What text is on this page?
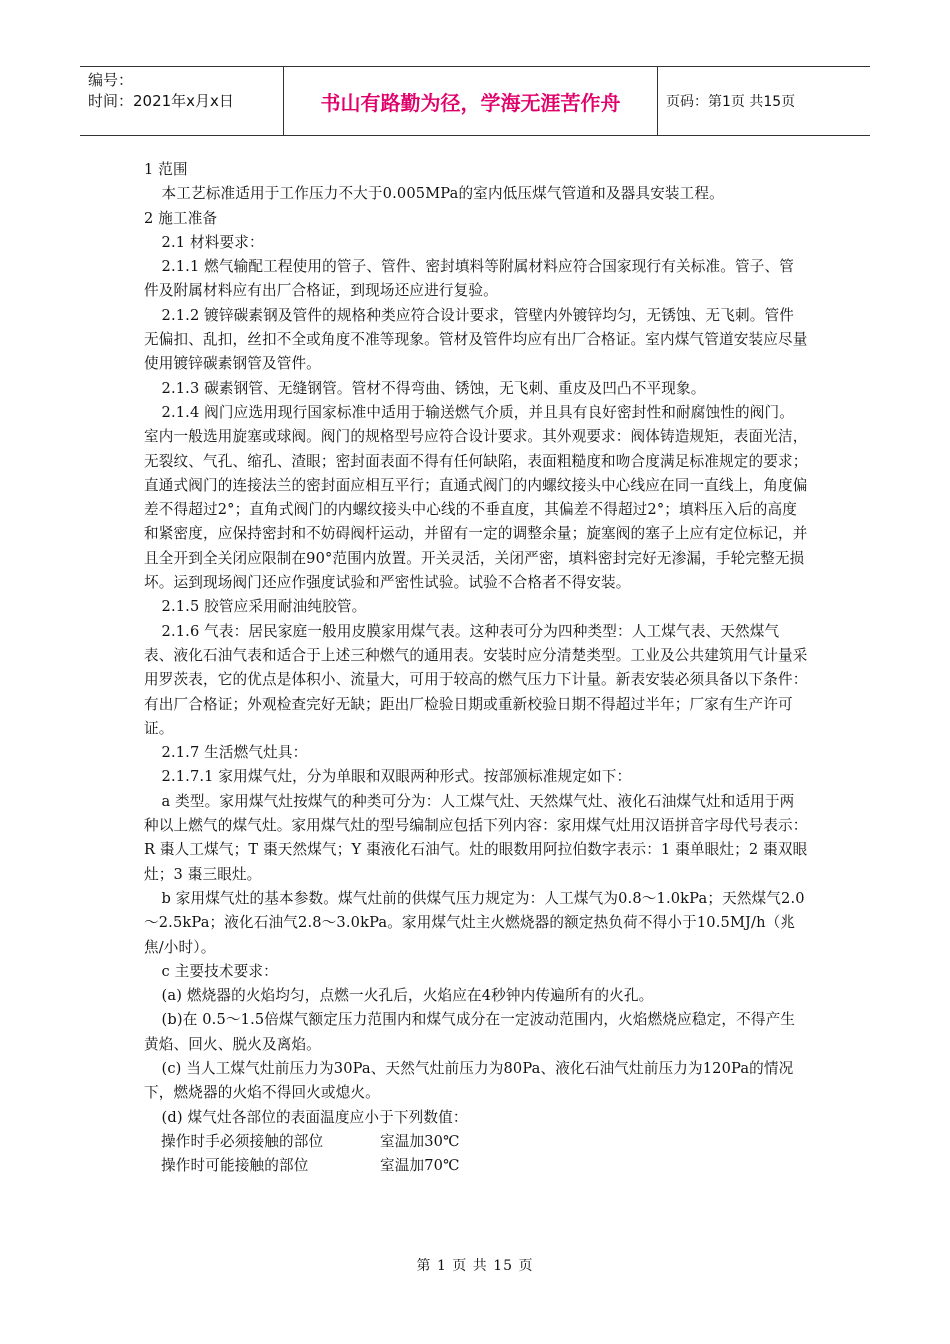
编号：
时间：2021年x月x日	书山有路勤为径，学海无涯苦作舟	页码：第1页 共15页

1 范围

本工艺标准适用于工作压力不大于0.005MPa的室内低压煤气管道和及器具安装工程。

2 施工准备

2.1 材料要求：

2.1.1 燃气输配工程使用的管子、管件、密封填料等附属材料应符合国家现行有关标准。管子、管件及附属材料应有出厂合格证，到现场还应进行复验。

2.1.2 镀锌碳素钢及管件的规格种类应符合设计要求，管壁内外镀锌均匀，无锈蚀、无飞刺。管件无偏扣、乱扣，丝扣不全或角度不准等现象。管材及管件均应有出厂合格证。室内煤气管道安装应尽量使用镀锌碳素钢管及管件。

2.1.3 碳素钢管、无缝钢管。管材不得弯曲、锈蚀，无飞刺、重皮及凹凸不平现象。

2.1.4 阀门应选用现行国家标准中适用于输送燃气介质，并且具有良好密封性和耐腐蚀性的阀门。室内一般选用旋塞或球阀。阀门的规格型号应符合设计要求。其外观要求：阀体铸造规矩，表面光洁，无裂纹、气孔、缩孔、渣眼；密封面表面不得有任何缺陷，表面粗糙度和吻合度满足标准规定的要求；直通式阀门的连接法兰的密封面应相互平行；直通式阀门的内螺纹接头中心线应在同一直线上，角度偏差不得超过2°；直角式阀门的内螺纹接头中心线的不垂直度，其偏差不得超过2°；填料压入后的高度和紧密度，应保持密封和不妨碍阀杆运动，并留有一定的调整余量；旋塞阀的塞子上应有定位标记，并且全开到全关闭应限制在90°范围内放置。开关灵活，关闭严密，填料密封完好无渗漏，手轮完整无损坏。运到现场阀门还应作强度试验和严密性试验。试验不合格者不得安装。

2.1.5 胶管应采用耐油纯胶管。

2.1.6 气表：居民家庭一般用皮膜家用煤气表。这种表可分为四种类型：人工煤气表、天然煤气表、液化石油气表和适合于上述三种燃气的通用表。安装时应分清楚类型。工业及公共建筑用气计量采用罗茨表，它的优点是体积小、流量大，可用于较高的燃气压力下计量。新表安装必须具备以下条件：有出厂合格证；外观检查完好无缺；距出厂检验日期或重新校验日期不得超过半年；厂家有生产许可证。

2.1.7 生活燃气灶具：

2.1.7.1 家用煤气灶，分为单眼和双眼两种形式。按部颁标准规定如下：

a 类型。家用煤气灶按煤气的种类可分为：人工煤气灶、天然煤气灶、液化石油煤气灶和适用于两种以上燃气的煤气灶。家用煤气灶的型号编制应包括下列内容：家用煤气灶用汉语拼音字母代号表示：R 棗人工煤气；T 棗天然煤气；Y 棗液化石油气。灶的眼数用阿拉伯数字表示：1 棗单眼灶；2 棗双眼灶；3 棗三眼灶。

b 家用煤气灶的基本参数。煤气灶前的供煤气压力规定为：人工煤气为0.8～1.0kPa；天然煤气2.0～2.5kPa；液化石油气2.8～3.0kPa。家用煤气灶主火燃烧器的额定热负荷不得小于10.5MJ/h（兆焦/小时）。

c 主要技术要求：

(a) 燃烧器的火焰均匀，点燃一火孔后，火焰应在4秒钟内传遍所有的火孔。

(b)在 0.5～1.5倍煤气额定压力范围内和煤气成分在一定波动范围内，火焰燃烧应稳定，不得产生黄焰、回火、脱火及离焰。

(c) 当人工煤气灶前压力为30Pa、天然气灶前压力为80Pa、液化石油气灶前压力为120Pa的情况下，燃烧器的火焰不得回火或熄火。

(d) 煤气灶各部位的表面温度应小于下列数值：

操作时手必须接触的部位	室温加30℃
操作时可能接触的部位	室温加70℃
第 1 页 共 15 页
